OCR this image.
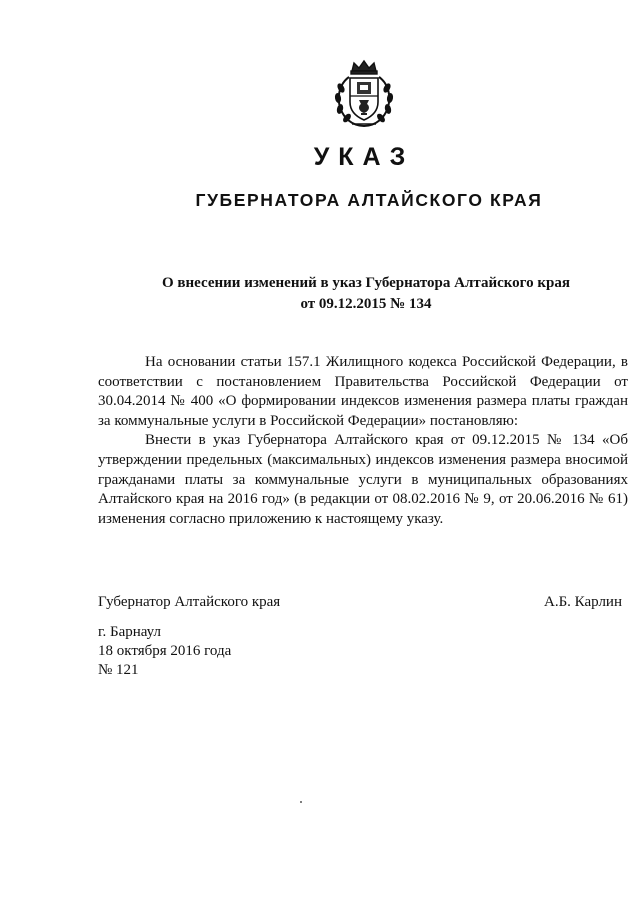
УКАЗ
ГУБЕРНАТОРА АЛТАЙСКОГО КРАЯ
О внесении изменений в указ Губернатора Алтайского края
от 09.12.2015 № 134

На основании статьи 157.1 Жилищного кодекса Российской Федерации, в соответствии с постановлением Правительства Российской Федерации от 30.04.2014 № 400 «О формировании индексов изменения размера платы граждан за коммунальные услуги в Российской Федерации» постановляю:

Внести в указ Губернатора Алтайского края от 09.12.2015 № 134 «Об утверждении предельных (максимальных) индексов изменения размера вносимой гражданами платы за коммунальные услуги в муниципальных образованиях Алтайского края на 2016 год» (в редакции от 08.02.2016 № 9, от 20.06.2016 № 61) изменения согласно приложению к настоящему указу.

Губернатор Алтайского края	А.Б. Карлин
г. Барнаул
18 октября 2016 года
№ 121
